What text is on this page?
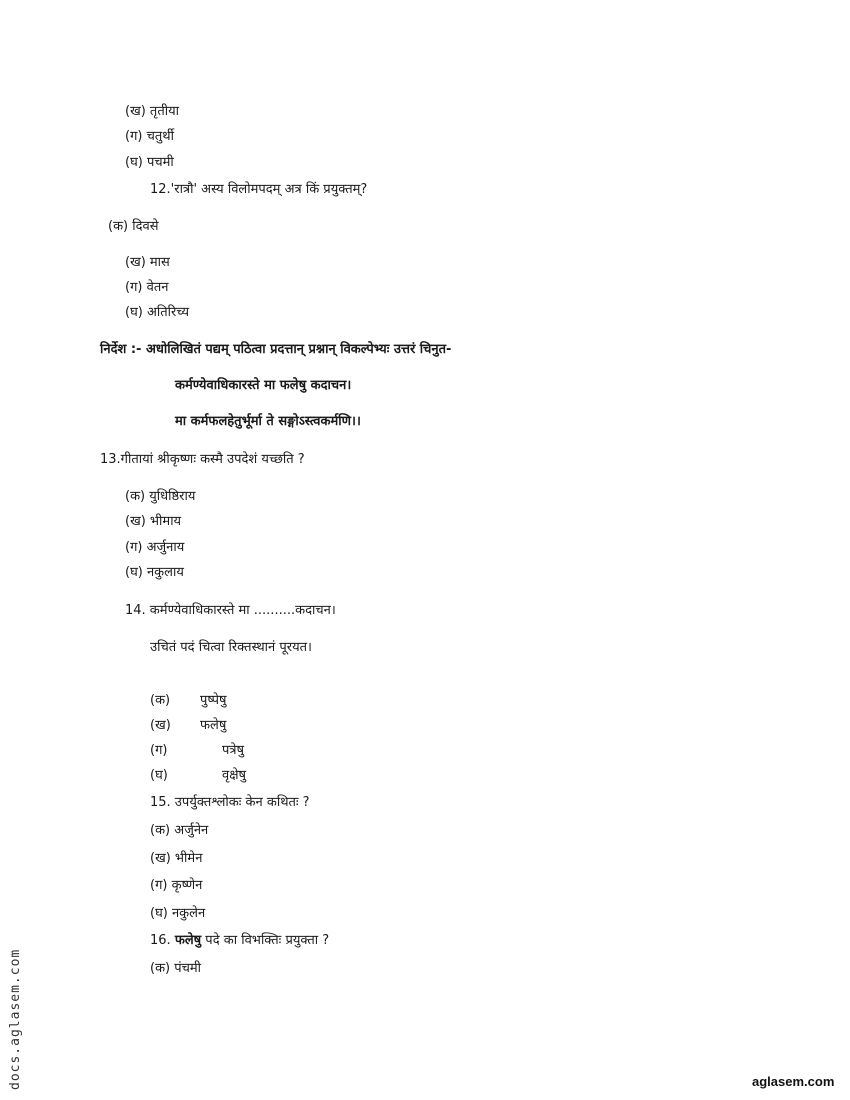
(ख) तृतीया
(ग) चतुर्थी
(घ) पचमी
12.'रात्रौ' अस्य विलोमपदम् अत्र किं प्रयुक्तम्?
(क) दिवसे
(ख) मास
(ग) वेतन
(घ) अतिरिच्य
निर्देश :- अधोलिखितं पद्यम् पठित्वा प्रदत्तान् प्रश्नान् विकल्पेभ्यः उत्तरं चिनुत-
कर्मण्येवाधिकारस्ते मा फलेषु कदाचन।
मा कर्मफलहेतुर्भूर्मा ते सङ्गोऽस्त्वकर्मणि।।
13.गीतायां श्रीकृष्णः कस्मै उपदेशं यच्छति ?
(क) युधिष्ठिराय
(ख) भीमाय
(ग) अर्जुनाय
(घ) नकुलाय
14. कर्मण्येवाधिकारस्ते मा ..........कदाचन।
उचितं पदं चित्वा रिक्तस्थानं पूरयत।
(क) पुष्पेषु
(ख) फलेषु
(ग)	पत्रेषु
(घ)	वृक्षेषु
15. उपर्युक्तश्लोकः केन कथितः ?
(क) अर्जुनेन
(ख) भीमेन
(ग) कृष्णेन
(घ) नकुलेन
16. फलेषु पदे का विभक्तिः प्रयुक्ता ?
(क) पंचमी
docs.aglasem.com	aglasem.com
